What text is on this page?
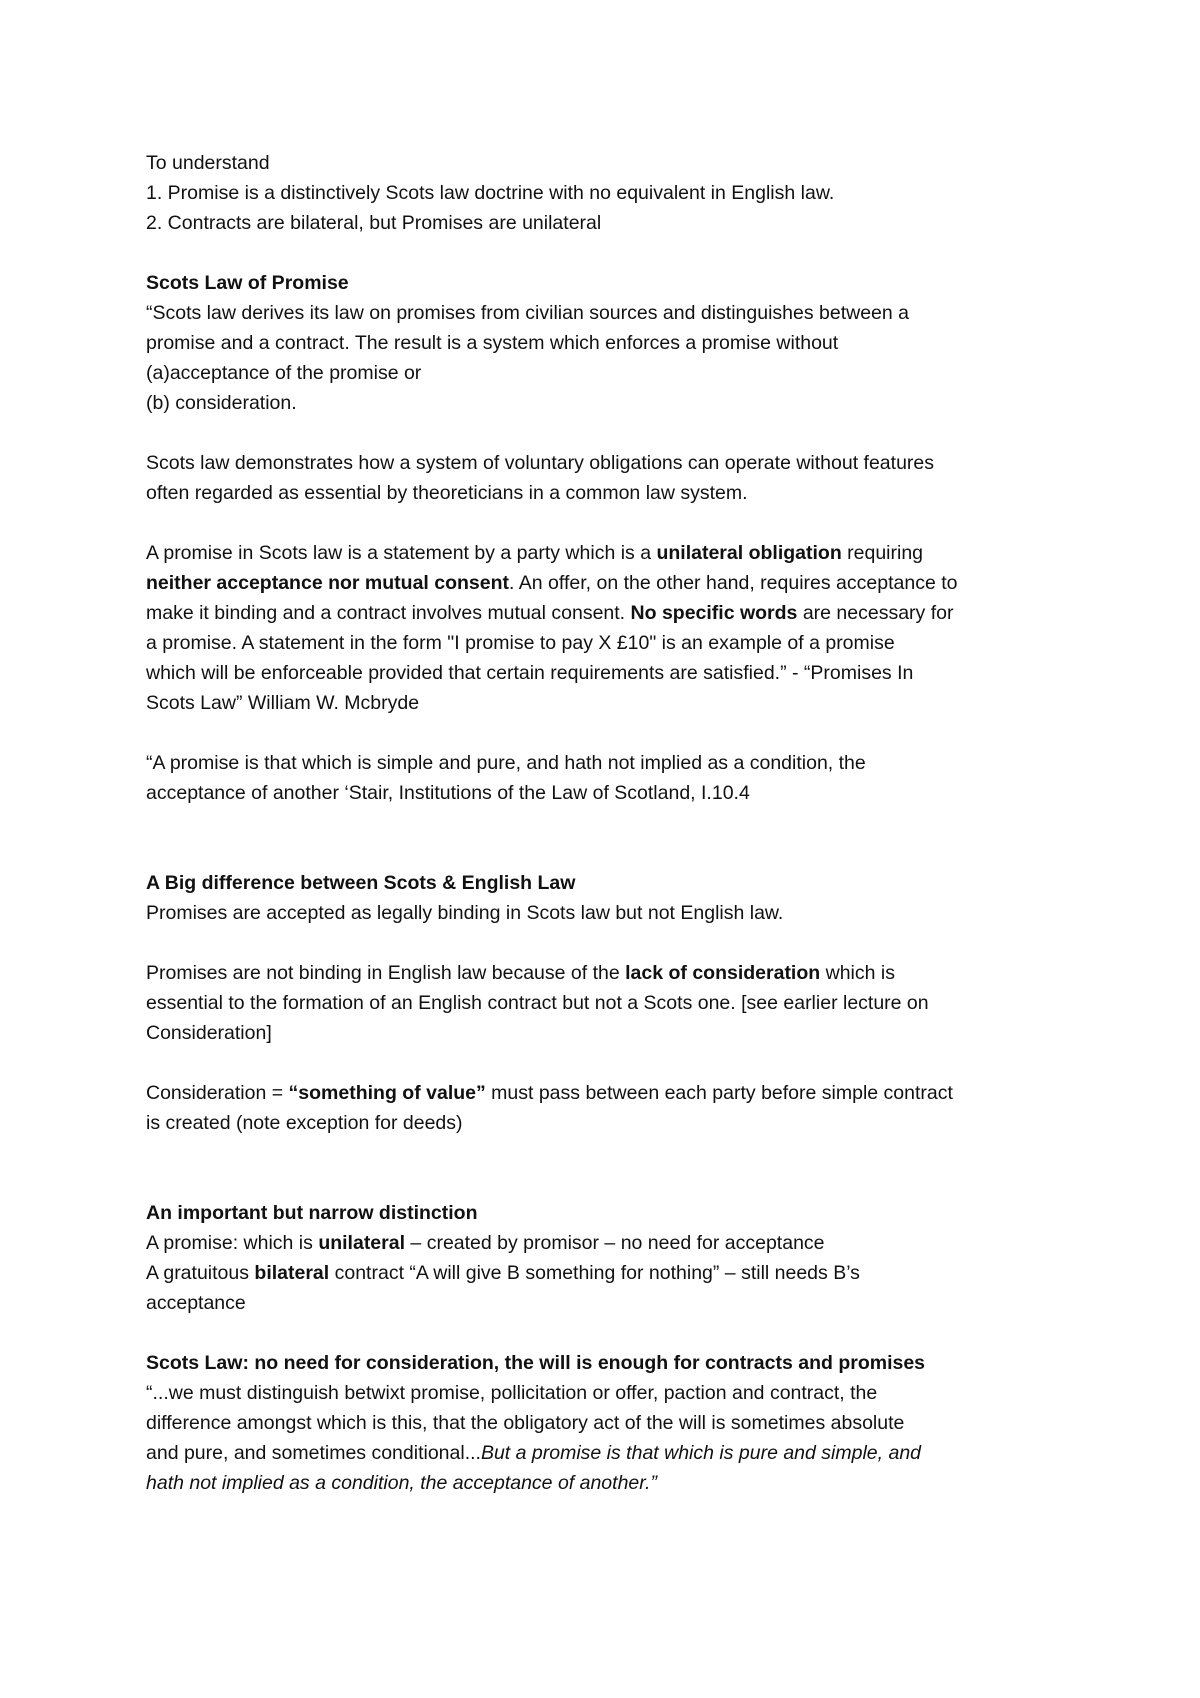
To understand
1. Promise is a distinctively Scots law doctrine with no equivalent in English law.
2. Contracts are bilateral, but Promises are unilateral
Scots Law of Promise
“Scots law derives its law on promises from civilian sources and distinguishes between a
promise and a contract. The result is a system which enforces a promise without
(a)acceptance of the promise or
(b) consideration.
Scots law demonstrates how a system of voluntary obligations can operate without features
often regarded as essential by theoreticians in a common law system.
A promise in Scots law is a statement by a party which is a unilateral obligation requiring
neither acceptance nor mutual consent. An offer, on the other hand, requires acceptance to
make it binding and a contract involves mutual consent. No specific words are necessary for
a promise. A statement in the form "I promise to pay X £10" is an example of a promise
which will be enforceable provided that certain requirements are satisfied.” - “Promises In
Scots Law” William W. Mcbryde
“A promise is that which is simple and pure, and hath not implied as a condition, the
acceptance of another ‘Stair, Institutions of the Law of Scotland, I.10.4
A Big difference between Scots & English Law
Promises are accepted as legally binding in Scots law but not English law.
Promises are not binding in English law because of the lack of consideration which is
essential to the formation of an English contract but not a Scots one. [see earlier lecture on
Consideration]
Consideration = “something of value” must pass between each party before simple contract
is created (note exception for deeds)
An important but narrow distinction
A promise: which is unilateral – created by promisor – no need for acceptance
A gratuitous bilateral contract “A will give B something for nothing” – still needs B’s
acceptance
Scots Law: no need for consideration, the will is enough for contracts and promises
“...we must distinguish betwixt promise, pollicitation or offer, paction and contract, the
difference amongst which is this, that the obligatory act of the will is sometimes absolute
and pure, and sometimes conditional...But a promise is that which is pure and simple, and
hath not implied as a condition, the acceptance of another.”
